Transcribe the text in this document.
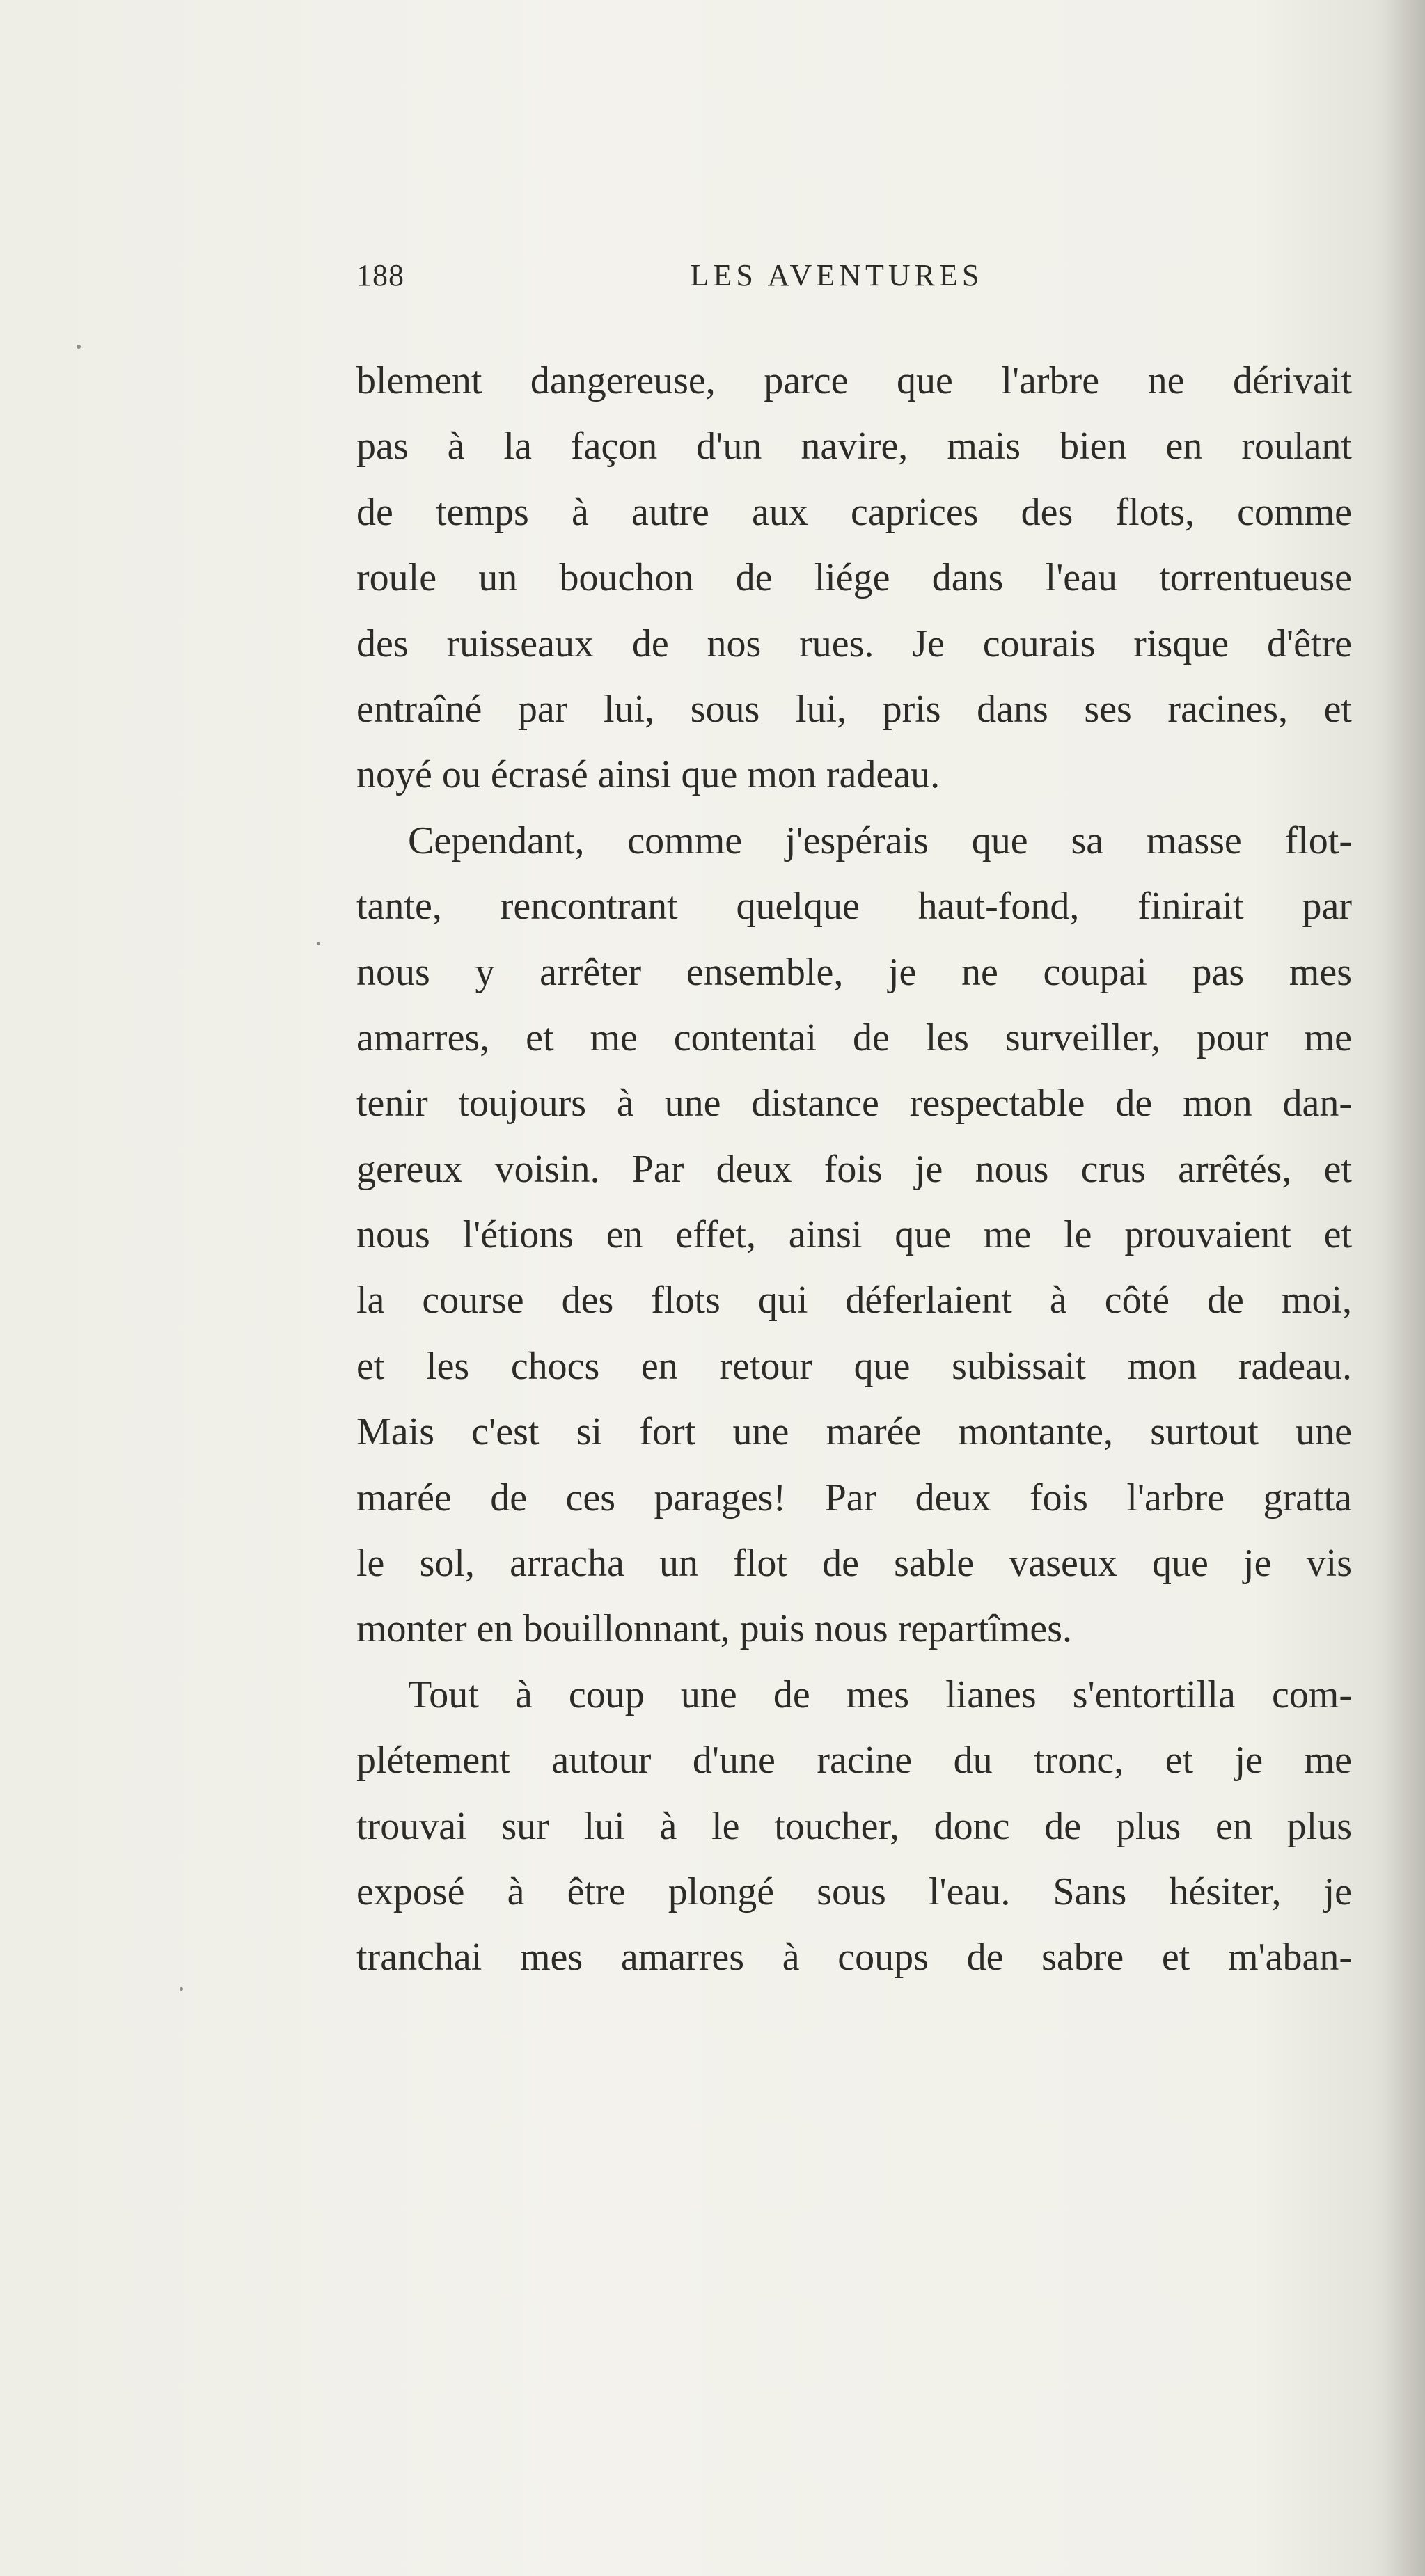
188	LES AVENTURES
blement dangereuse, parce que l'arbre ne dérivait
pas à la façon d'un navire, mais bien en roulant
de temps à autre aux caprices des flots, comme
roule un bouchon de liége dans l'eau torrentueuse
des ruisseaux de nos rues. Je courais risque d'être
entraîné par lui, sous lui, pris dans ses racines, et
noyé ou écrasé ainsi que mon radeau.
Cependant, comme j'espérais que sa masse flot-
tante, rencontrant quelque haut-fond, finirait par
nous y arrêter ensemble, je ne coupai pas mes
amarres, et me contentai de les surveiller, pour me
tenir toujours à une distance respectable de mon dan-
gereux voisin. Par deux fois je nous crus arrêtés, et
nous l'étions en effet, ainsi que me le prouvaient et
la course des flots qui déferlaient à côté de moi,
et les chocs en retour que subissait mon radeau.
Mais c'est si fort une marée montante, surtout une
marée de ces parages! Par deux fois l'arbre gratta
le sol, arracha un flot de sable vaseux que je vis
monter en bouillonnant, puis nous repartîmes.
Tout à coup une de mes lianes s'entortilla com-
plétement autour d'une racine du tronc, et je me
trouvai sur lui à le toucher, donc de plus en plus
exposé à être plongé sous l'eau. Sans hésiter, je
tranchai mes amarres à coups de sabre et m'aban-
